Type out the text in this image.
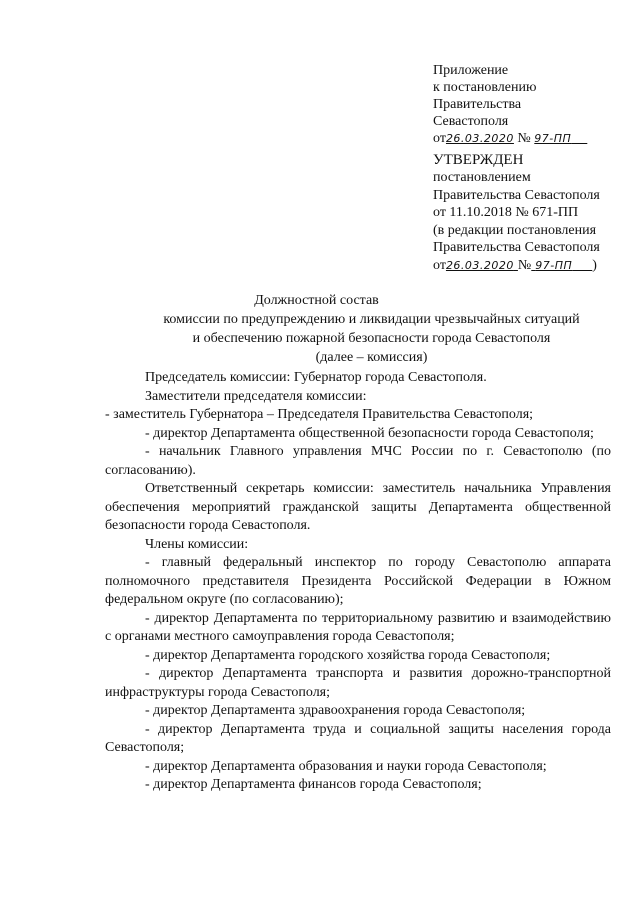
Приложение
к постановлению
Правительства
Севастополя
от26.03.2020 № 97-ПП
УТВЕРЖДЕН
постановлением
Правительства Севастополя
от 11.10.2018 № 671-ПП
(в редакции постановления
Правительства Севастополя
от26.03.2020 № 97-ПП )
Должностной состав
комиссии по предупреждению и ликвидации чрезвычайных ситуаций
и обеспечению пожарной безопасности города Севастополя
(далее – комиссия)

Председатель комиссии: Губернатор города Севастополя.

Заместители председателя комиссии:

- заместитель Губернатора – Председателя Правительства Севастополя;

- директор Департамента общественной безопасности города Севастополя;

- начальник Главного управления МЧС России по г. Севастополю (по согласованию).

Ответственный секретарь комиссии: заместитель начальника Управления обеспечения мероприятий гражданской защиты Департамента общественной безопасности города Севастополя.

Члены комиссии:

- главный федеральный инспектор по городу Севастополю аппарата полномочного представителя Президента Российской Федерации в Южном федеральном округе (по согласованию);

- директор Департамента по территориальному развитию и взаимодействию с органами местного самоуправления города Севастополя;

- директор Департамента городского хозяйства города Севастополя;

- директор Департамента транспорта и развития дорожно-транспортной инфраструктуры города Севастополя;

- директор Департамента здравоохранения города Севастополя;

- директор Департамента труда и социальной защиты населения города Севастополя;

- директор Департамента образования и науки города Севастополя;

- директор Департамента финансов города Севастополя;
